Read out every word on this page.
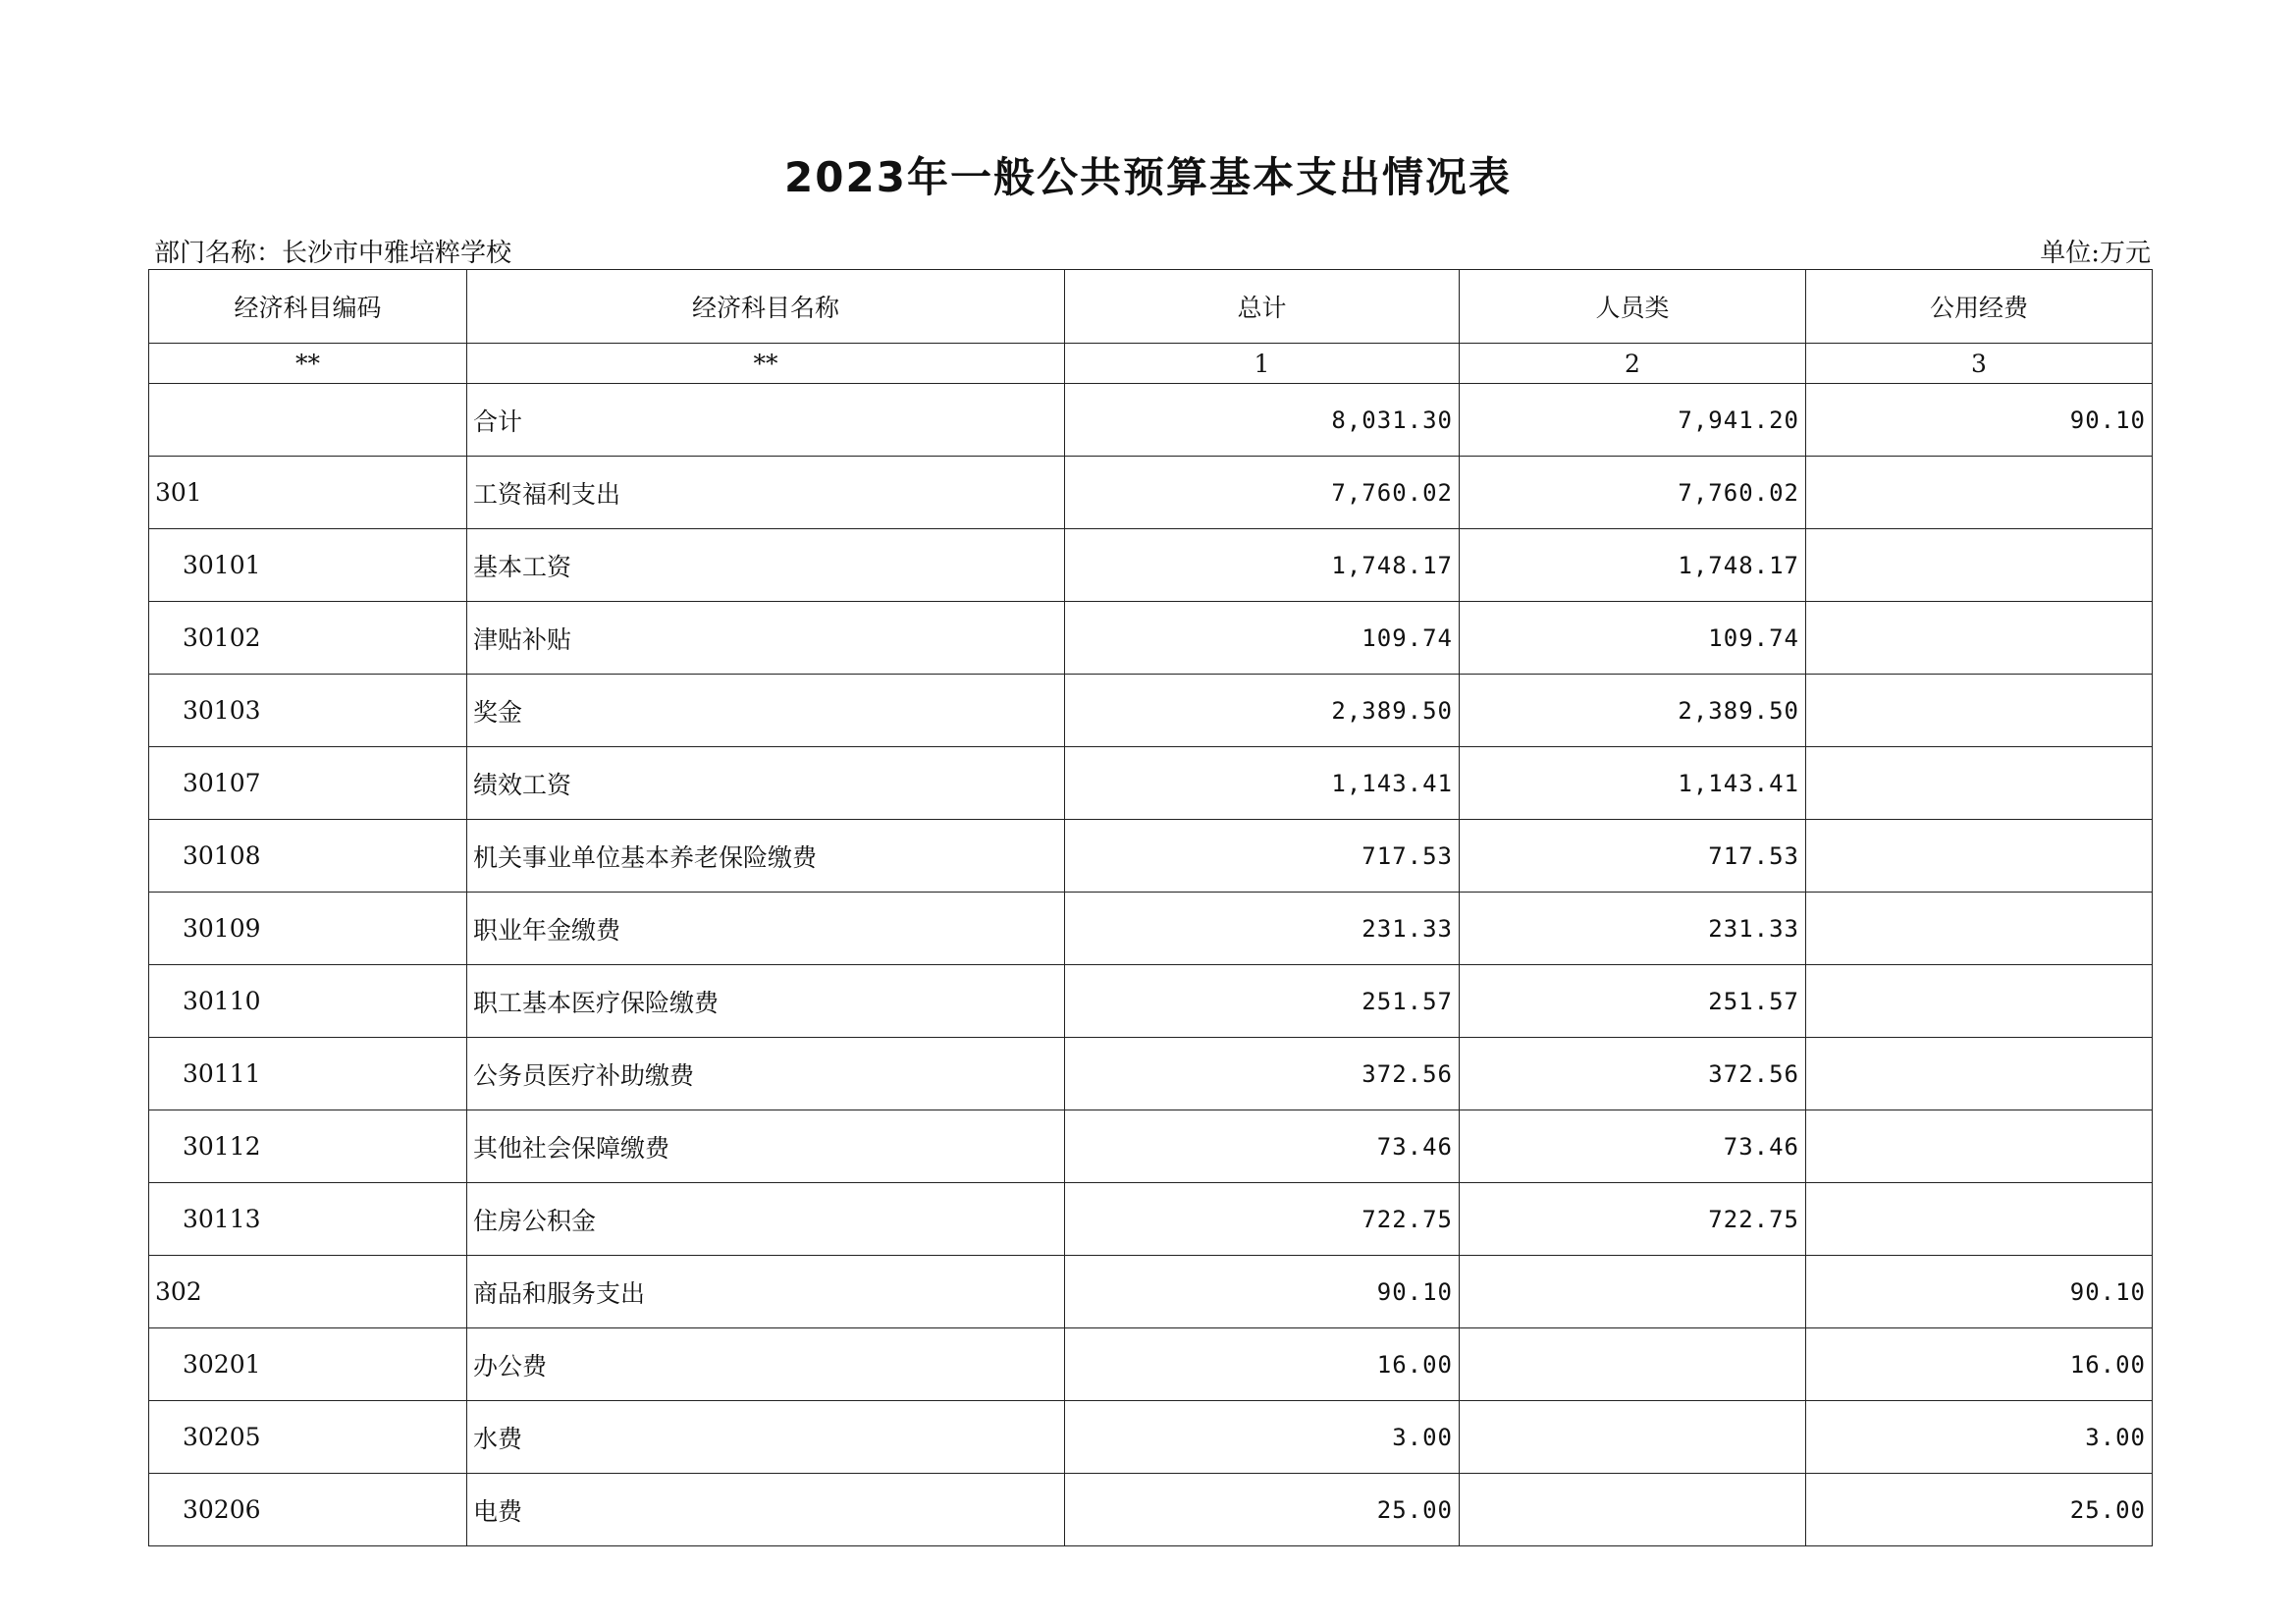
2023年一般公共预算基本支出情况表
部门名称：长沙市中雅培粹学校	单位:万元
经济科目编码	经济科目名称	总计	人员类	公用经费
**	**	1	2	3
	合计	8,031.30	7,941.20	90.10
301	工资福利支出	7,760.02	7,760.02	
30101	基本工资	1,748.17	1,748.17	
30102	津贴补贴	109.74	109.74	
30103	奖金	2,389.50	2,389.50	
30107	绩效工资	1,143.41	1,143.41	
30108	机关事业单位基本养老保险缴费	717.53	717.53	
30109	职业年金缴费	231.33	231.33	
30110	职工基本医疗保险缴费	251.57	251.57	
30111	公务员医疗补助缴费	372.56	372.56	
30112	其他社会保障缴费	73.46	73.46	
30113	住房公积金	722.75	722.75	
302	商品和服务支出	90.10		90.10
30201	办公费	16.00		16.00
30205	水费	3.00		3.00
30206	电费	25.00		25.00
